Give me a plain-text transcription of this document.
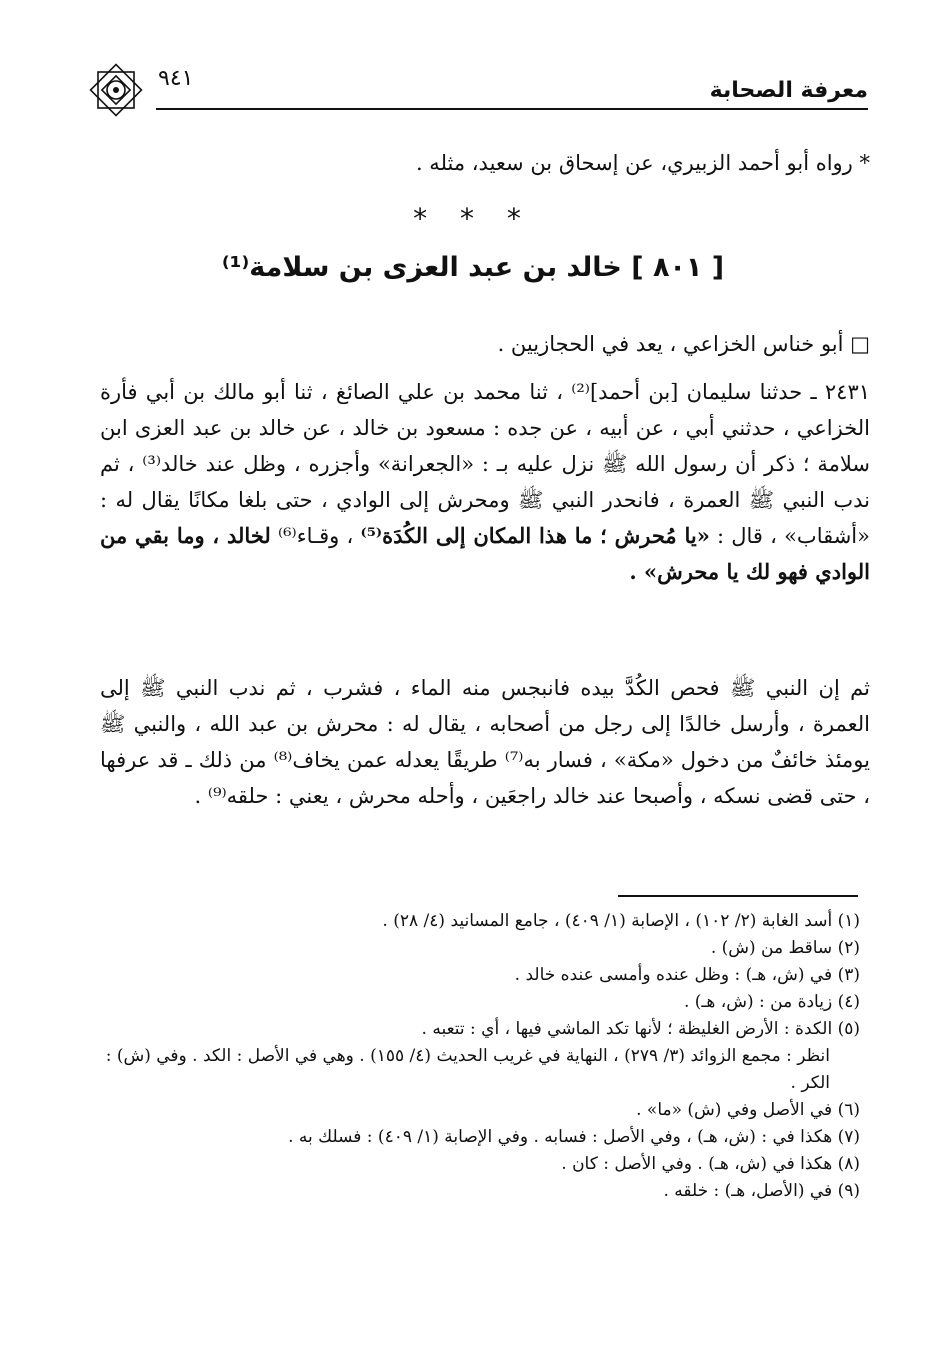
٩٤١	معرفة الصحابة

* رواه أبو أحمد الزبيري، عن إسحاق بن سعيد، مثله .

* * *
[ ٨٠١ ] خالد بن عبد العزى بن سلامة⁽¹⁾

□ أبو خناس الخزاعي ، يعد في الحجازيين .

٢٤٣١ ـ حدثنا سليمان [بن أحمد]⁽²⁾ ، ثنا محمد بن علي الصائغ ، ثنا أبو مالك بن أبي فأرة الخزاعي ، حدثني أبي ، عن أبيه ، عن جده : مسعود بن خالد ، عن خالد بن عبد العزى ابن سلامة ؛ ذكر أن رسول الله ﷺ نزل عليه بـ : «الجعرانة» وأجزره ، وظل عند خالد⁽³⁾ ، ثم ندب النبي ﷺ العمرة ، فانحدر النبي ﷺ ومحرش إلى الوادي ، حتى بلغا مكانًا يقال له : «أشقاب» ، قال : «يا مُحرش ؛ ما هذا المكان إلى الكُدَة⁽⁵⁾ ، وقـاء⁽⁶⁾ لخالد ، وما بقي من الوادي فهو لك يا محرش» .

ثم إن النبي ﷺ فحص الكُدَّ بيده فانبجس منه الماء ، فشرب ، ثم ندب النبي ﷺ إلى العمرة ، وأرسل خالدًا إلى رجل من أصحابه ، يقال له : محرش بن عبد الله ، والنبي ﷺ يومئذ خائفٌ من دخول «مكة» ، فسار به⁽⁷⁾ طريقًا يعدله عمن يخاف⁽⁸⁾ من ذلك ـ قد عرفها ، حتى قضى نسكه ، وأصبحا عند خالد راجعَين ، وأحله محرش ، يعني : حلقه⁽⁹⁾ .

(١) أسد الغابة (٢/ ١٠٢) ، الإصابة (١/ ٤٠٩) ، جامع المسانيد (٤/ ٢٨) .

(٢) ساقط من (ش) .

(٣) في (ش، هـ) : وظل عنده وأمسى عنده خالد .

(٤) زيادة من : (ش، هـ) .

(٥) الكدة : الأرض الغليظة ؛ لأنها تكد الماشي فيها ، أي : تتعبه .

انظر : مجمع الزوائد (٣/ ٢٧٩) ، النهاية في غريب الحديث (٤/ ١٥٥) . وهي في الأصل : الكد . وفي (ش) : الكر .

(٦) في الأصل وفي (ش) «ما» .

(٧) هكذا في : (ش، هـ) ، وفي الأصل : فسابه . وفي الإصابة (١/ ٤٠٩) : فسلك به .

(٨) هكذا في (ش، هـ) . وفي الأصل : كان .

(٩) في (الأصل، هـ) : خلقه .
